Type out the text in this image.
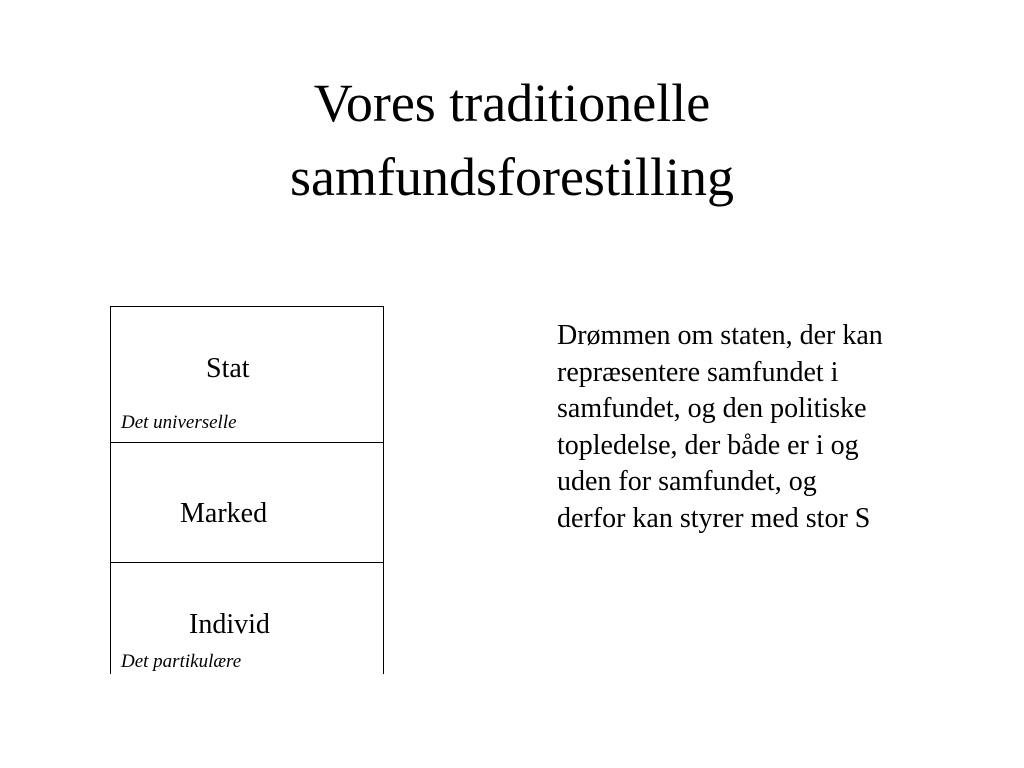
Vores traditionelle
samfundsforestilling
Stat
Det universelle
Marked
Individ
Det partikulære

Drømmen om staten, der kan
repræsentere samfundet i
samfundet, og den politiske
topledelse, der både er i og
uden for samfundet, og
derfor kan styrer med stor S
